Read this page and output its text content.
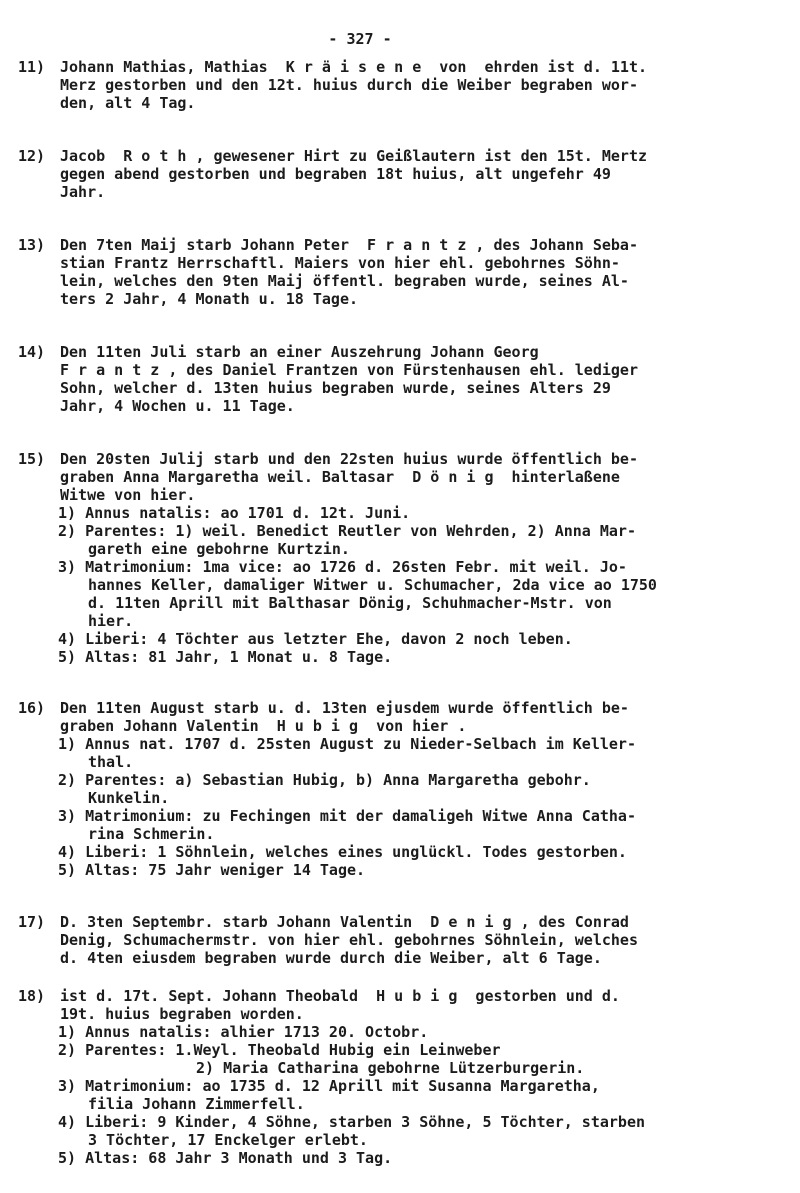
- 327 -
11) Johann Mathias, Mathias  K r ä i s e n e  von  ehrden ist d. 11t.
Merz gestorben und den 12t. huius durch die Weiber begraben wor-
den, alt 4 Tag.
12) Jacob  R o t h , gewesener Hirt zu Geißlautern ist den 15t. Mertz
gegen abend gestorben und begraben 18t huius, alt ungefehr 49
Jahr.
13) Den 7ten Maij starb Johann Peter  F r a n t z , des Johann Seba-
stian Frantz Herrschaftl. Maiers von hier ehl. gebohrnes Söhn-
lein, welches den 9ten Maij öffentl. begraben wurde, seines Al-
ters 2 Jahr, 4 Monath u. 18 Tage.
14) Den 11ten Juli starb an einer Auszehrung Johann Georg
F r a n t z , des Daniel Frantzen von Fürstenhausen ehl. lediger
Sohn, welcher d. 13ten huius begraben wurde, seines Alters 29
Jahr, 4 Wochen u. 11 Tage.
15) Den 20sten Julij starb und den 22sten huius wurde öffentlich be-
graben Anna Margaretha weil. Baltasar  D ö n i g  hinterlaßene
Witwe von hier.
1) Annus natalis: ao 1701 d. 12t. Juni.
2) Parentes: 1) weil. Benedict Reutler von Wehrden, 2) Anna Mar-
gareth eine gebohrne Kurtzin.
3) Matrimonium: 1ma vice: ao 1726 d. 26sten Febr. mit weil. Jo-
hannes Keller, damaliger Witwer u. Schumacher, 2da vice ao 1750
d. 11ten Aprill mit Balthasar Dönig, Schuhmacher-Mstr. von
hier.
4) Liberi: 4 Töchter aus letzter Ehe, davon 2 noch leben.
5) Altas: 81 Jahr, 1 Monat u. 8 Tage.
16) Den 11ten August starb u. d. 13ten ejusdem wurde öffentlich be-
graben Johann Valentin  H u b i g  von hier .
1) Annus nat. 1707 d. 25sten August zu Nieder-Selbach im Keller-
thal.
2) Parentes: a) Sebastian Hubig, b) Anna Margaretha gebohr.
Kunkelin.
3) Matrimonium: zu Fechingen mit der damaligeh Witwe Anna Catha-
rina Schmerin.
4) Liberi: 1 Söhnlein, welches eines unglückl. Todes gestorben.
5) Altas: 75 Jahr weniger 14 Tage.
17) D. 3ten Septembr. starb Johann Valentin  D e n i g , des Conrad
Denig, Schumachermstr. von hier ehl. gebohrnes Söhnlein, welches
d. 4ten eiusdem begraben wurde durch die Weiber, alt 6 Tage.
18) ist d. 17t. Sept. Johann Theobald  H u b i g  gestorben und d.
19t. huius begraben worden.
1) Annus natalis: alhier 1713 20. Octobr.
2) Parentes: 1.Weyl. Theobald Hubig ein Leinweber
2) Maria Catharina gebohrne Lützerburgerin.
3) Matrimonium: ao 1735 d. 12 Aprill mit Susanna Margaretha,
filia Johann Zimmerfell.
4) Liberi: 9 Kinder, 4 Söhne, starben 3 Söhne, 5 Töchter, starben
3 Töchter, 17 Enckelger erlebt.
5) Altas: 68 Jahr 3 Monath und 3 Tag.
